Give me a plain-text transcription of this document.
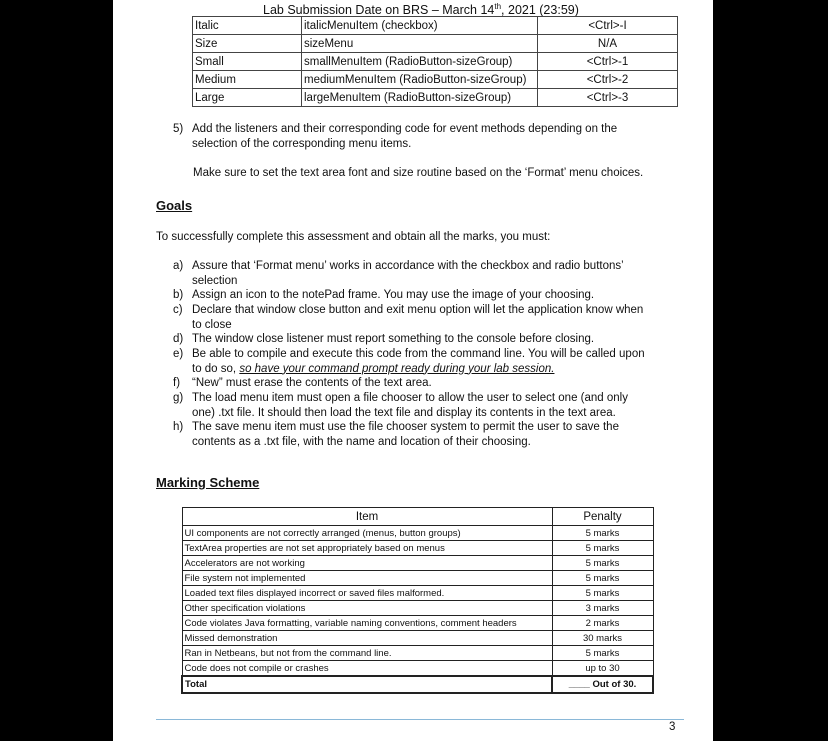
Lab Submission Date on BRS – March 14th, 2021 (23:59)
Italic	italicMenuItem (checkbox)	<Ctrl>-I
Size	sizeMenu	N/A
Small	smallMenuItem (RadioButton-sizeGroup)	<Ctrl>-1
Medium	mediumMenuItem (RadioButton-sizeGroup)	<Ctrl>-2
Large	largeMenuItem (RadioButton-sizeGroup)	<Ctrl>-3
5) Add the listeners and their corresponding code for event methods depending on the
selection of the corresponding menu items.
Make sure to set the text area font and size routine based on the ‘Format’ menu choices.
Goals
To successfully complete this assessment and obtain all the marks, you must:
a) Assure that ‘Format menu’ works in accordance with the checkbox and radio buttons’
selection
b) Assign an icon to the notePad frame. You may use the image of your choosing.
c) Declare that window close button and exit menu option will let the application know when
to close
d) The window close listener must report something to the console before closing.
e) Be able to compile and execute this code from the command line. You will be called upon
to do so, so have your command prompt ready during your lab session.
f)	“New” must erase the contents of the text area.
g) The load menu item must open a file chooser to allow the user to select one (and only
one) .txt file. It should then load the text file and display its contents in the text area.
h) The save menu item must use the file chooser system to permit the user to save the
contents as a .txt file, with the name and location of their choosing.
Marking Scheme
Item	Penalty
UI components are not correctly arranged (menus, button groups)	5 marks
TextArea properties are not set appropriately based on menus	5 marks
Accelerators are not working	5 marks
File system not implemented	5 marks
Loaded text files displayed incorrect or saved files malformed.	5 marks
Other specification violations	3 marks
Code violates Java formatting, variable naming conventions, comment headers	2 marks
Missed demonstration	30 marks
Ran in Netbeans, but not from the command line.	5 marks
Code does not compile or crashes	up to 30
Total	____ Out of 30.
3
